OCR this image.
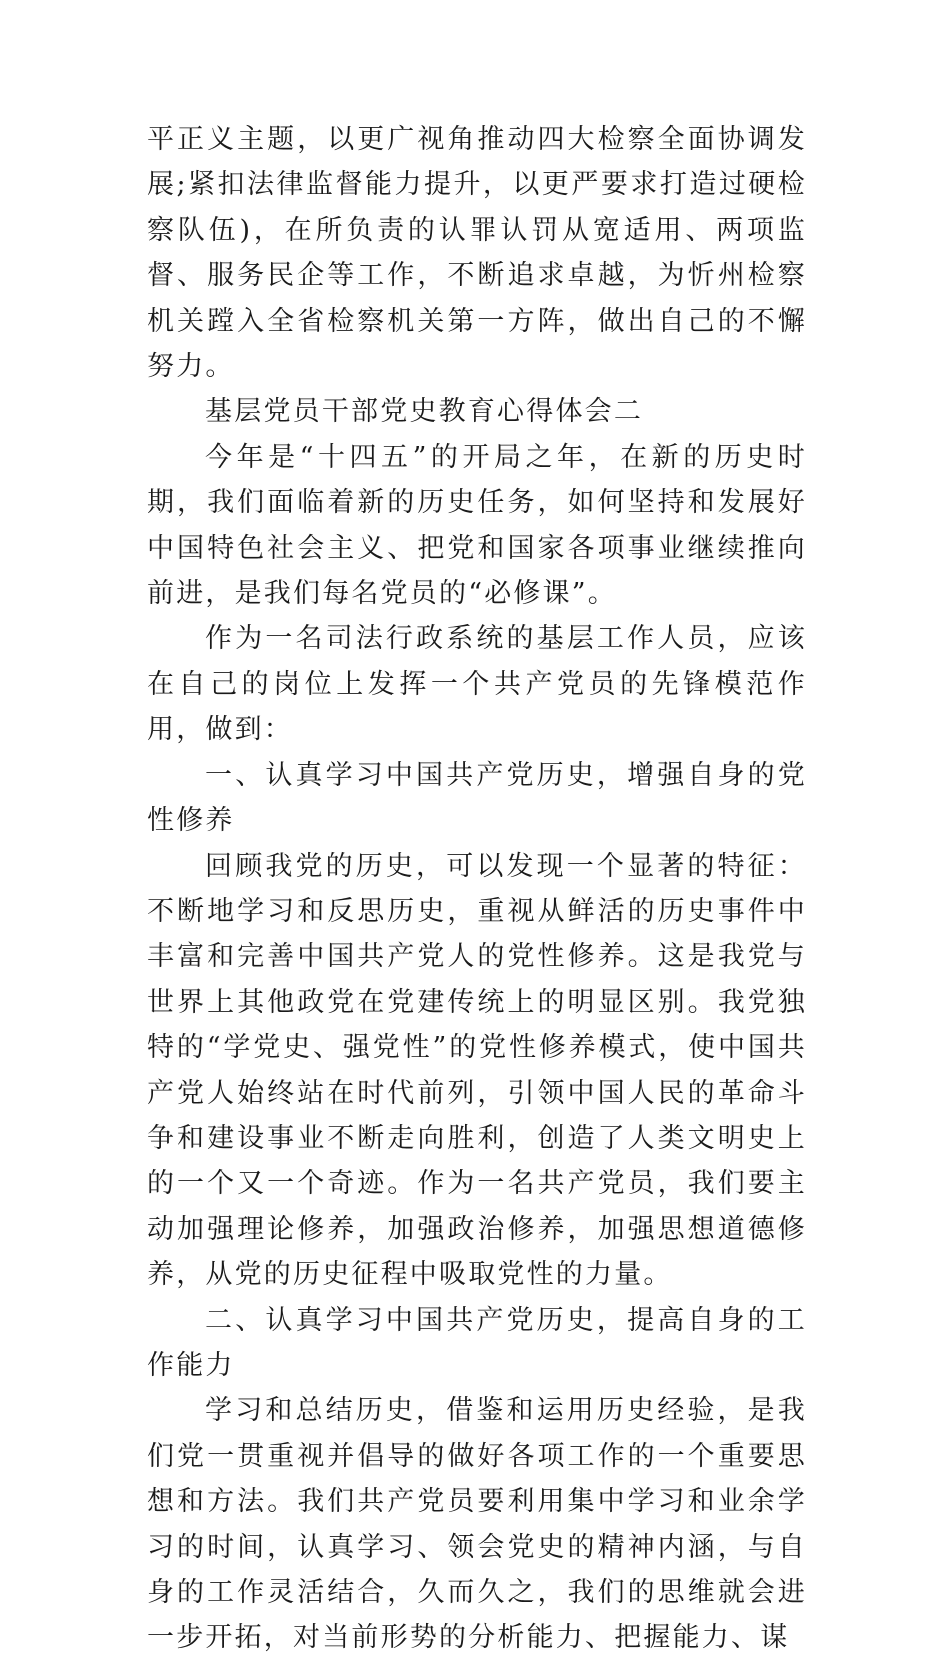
平正义主题，以更广视角推动四大检察全面协调发展;紧扣法律监督能力提升，以更严要求打造过硬检察队伍)，在所负责的认罪认罚从宽适用、两项监督、服务民企等工作，不断追求卓越，为忻州检察机关蹚入全省检察机关第一方阵，做出自己的不懈努力。

基层党员干部党史教育心得体会二

今年是“十四五”的开局之年，在新的历史时期，我们面临着新的历史任务，如何坚持和发展好中国特色社会主义、把党和国家各项事业继续推向前进，是我们每名党员的“必修课”。

作为一名司法行政系统的基层工作人员，应该在自己的岗位上发挥一个共产党员的先锋模范作用，做到：

一、认真学习中国共产党历史，增强自身的党性修养

回顾我党的历史，可以发现一个显著的特征：不断地学习和反思历史，重视从鲜活的历史事件中丰富和完善中国共产党人的党性修养。这是我党与世界上其他政党在党建传统上的明显区别。我党独特的“学党史、强党性”的党性修养模式，使中国共产党人始终站在时代前列，引领中国人民的革命斗争和建设事业不断走向胜利，创造了人类文明史上的一个又一个奇迹。作为一名共产党员，我们要主动加强理论修养，加强政治修养，加强思想道德修养，从党的历史征程中吸取党性的力量。

二、认真学习中国共产党历史，提高自身的工作能力

学习和总结历史，借鉴和运用历史经验，是我们党一贯重视并倡导的做好各项工作的一个重要思想和方法。我们共产党员要利用集中学习和业余学习的时间，认真学习、领会党史的精神内涵，与自身的工作灵活结合，久而久之，我们的思维就会进一步开拓，对当前形势的分析能力、把握能力、谋
